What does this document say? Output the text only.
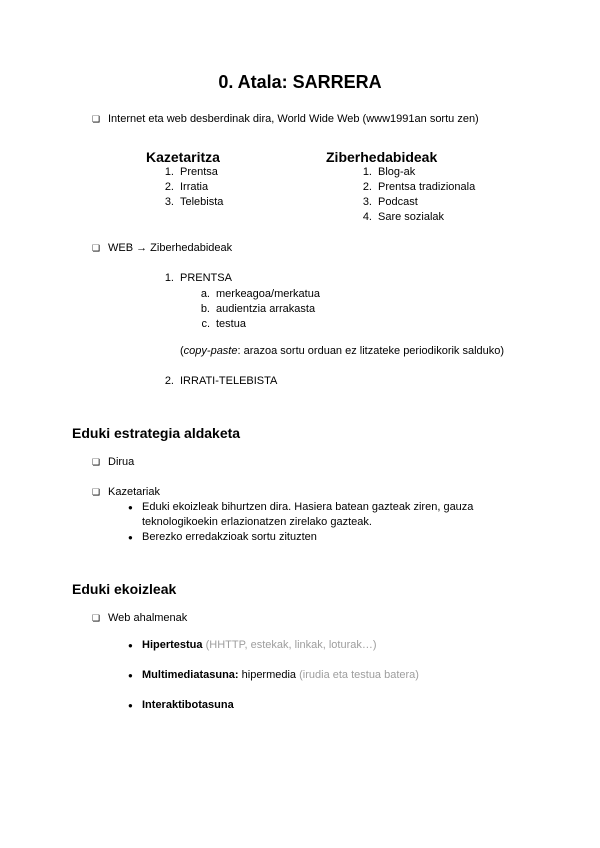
0. Atala: SARRERA
❏ Internet eta web desberdinak dira, World Wide Web (www1991an sortu zen)
Kazetaritza
1. Prentsa
2. Irratia
3. Telebista
Ziberhedabideak
1. Blog-ak
2. Prentsa tradizionala
3. Podcast
4. Sare sozialak
❏ WEB → Ziberhedabideak
1. PRENTSA
a. merkeagoa/merkatua
b. audientzia arrakasta
c. testua
(copy-paste: arazoa sortu orduan ez litzateke periodikorik salduko)
2. IRRATI-TELEBISTA
Eduki estrategia aldaketa
❏ Dirua
❏ Kazetariak
● Eduki ekoizleak bihurtzen dira. Hasiera batean gazteak ziren, gauza
teknologikoekin erlazionatzen zirelako gazteak.
● Berezko erredakzioak sortu zituzten
Eduki ekoizleak
❏ Web ahalmenak
● Hipertestua (HHTTP, estekak, linkak, loturak…)
● Multimediatasuna: hipermedia (irudia eta testua batera)
● Interaktibotasuna
